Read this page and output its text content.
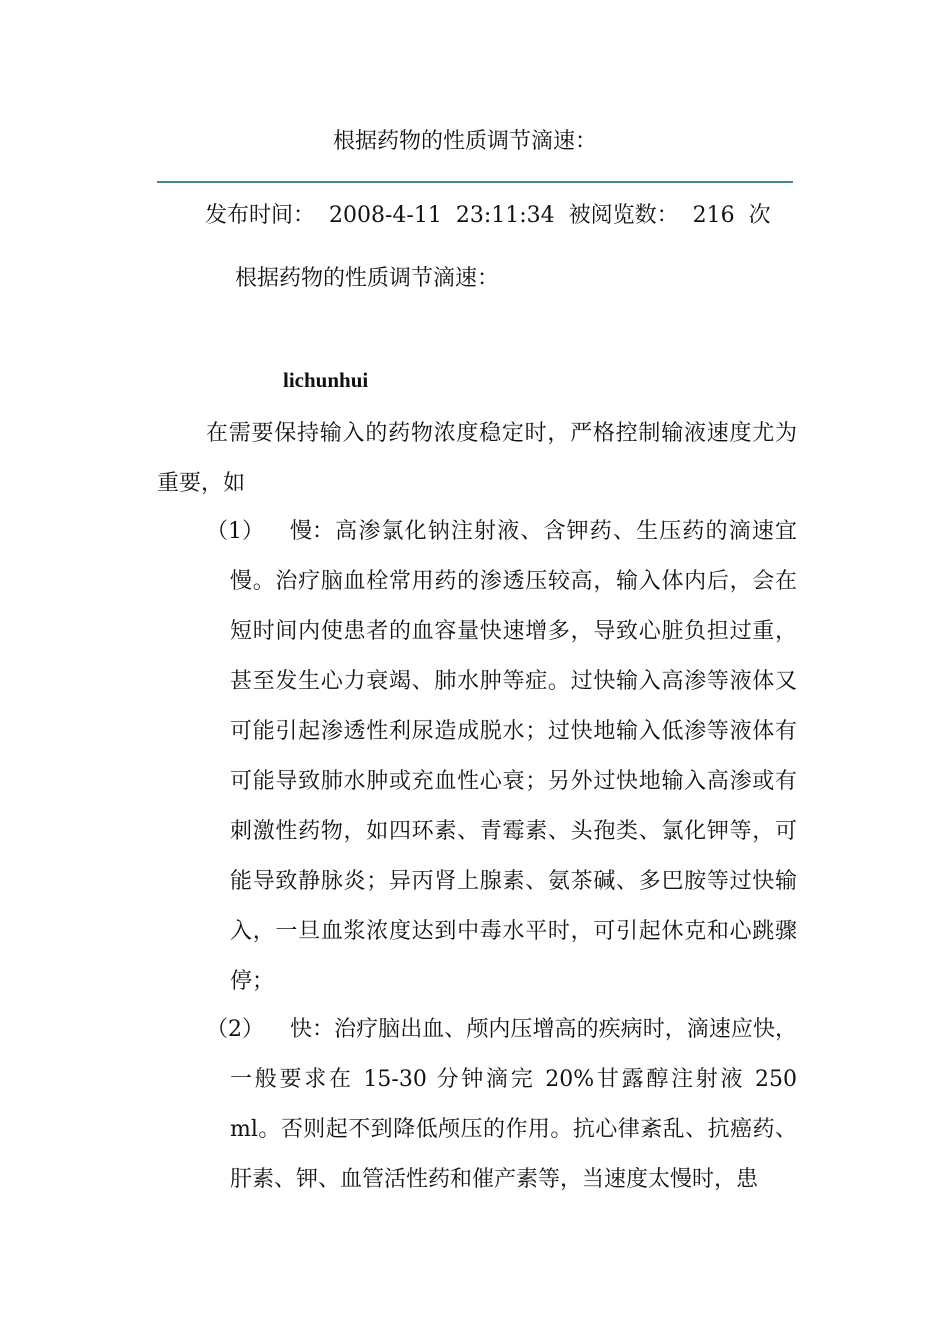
根据药物的性质调节滴速：
发布时间：  2008-4-11  23:11:34  被阅览数：  216  次
根据药物的性质调节滴速：
lichunhui
在需要保持输入的药物浓度稳定时，严格控制输液速度尤为重要，如
（1） 慢：高渗氯化钠注射液、含钾药、生压药的滴速宜慢。治疗脑血栓常用药的渗透压较高，输入体内后，会在短时间内使患者的血容量快速增多，导致心脏负担过重，甚至发生心力衰竭、肺水肿等症。过快输入高渗等液体又可能引起渗透性利尿造成脱水；过快地输入低渗等液体有可能导致肺水肿或充血性心衰；另外过快地输入高渗或有刺激性药物，如四环素、青霉素、头孢类、氯化钾等，可能导致静脉炎；异丙肾上腺素、氨茶碱、多巴胺等过快输入，一旦血浆浓度达到中毒水平时，可引起休克和心跳骤停；
（2） 快：治疗脑出血、颅内压增高的疾病时，滴速应快，一般要求在 15-30 分钟滴完 20%甘露醇注射液 250 ml。否则起不到降低颅压的作用。抗心律紊乱、抗癌药、肝素、钾、血管活性药和催产素等，当速度太慢时，患
